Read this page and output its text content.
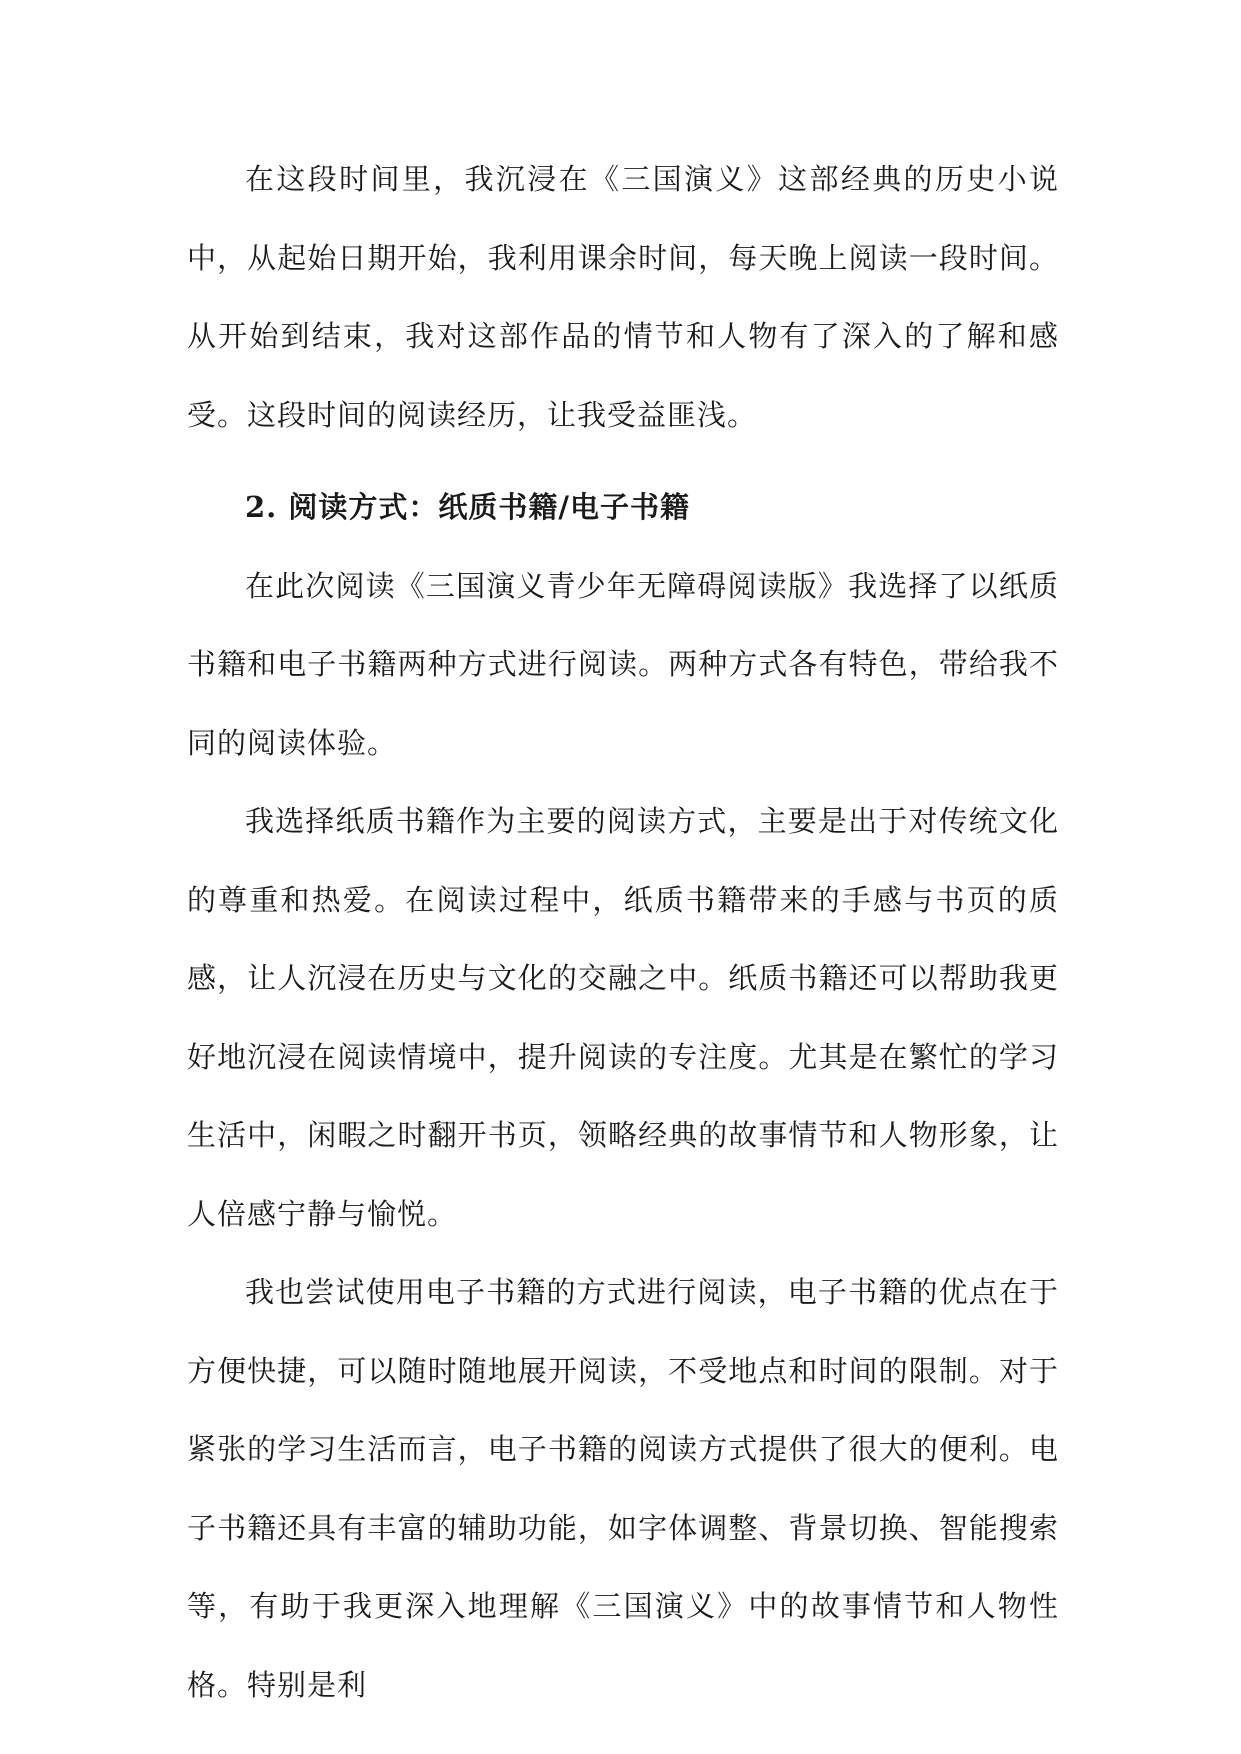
在这段时间里，我沉浸在《三国演义》这部经典的历史小说中，从起始日期开始，我利用课余时间，每天晚上阅读一段时间。从开始到结束，我对这部作品的情节和人物有了深入的了解和感受。这段时间的阅读经历，让我受益匪浅。

2. 阅读方式：纸质书籍/电子书籍

在此次阅读《三国演义青少年无障碍阅读版》我选择了以纸质书籍和电子书籍两种方式进行阅读。两种方式各有特色，带给我不同的阅读体验。

我选择纸质书籍作为主要的阅读方式，主要是出于对传统文化的尊重和热爱。在阅读过程中，纸质书籍带来的手感与书页的质感，让人沉浸在历史与文化的交融之中。纸质书籍还可以帮助我更好地沉浸在阅读情境中，提升阅读的专注度。尤其是在繁忙的学习生活中，闲暇之时翻开书页，领略经典的故事情节和人物形象，让人倍感宁静与愉悦。

我也尝试使用电子书籍的方式进行阅读，电子书籍的优点在于方便快捷，可以随时随地展开阅读，不受地点和时间的限制。对于紧张的学习生活而言，电子书籍的阅读方式提供了很大的便利。电子书籍还具有丰富的辅助功能，如字体调整、背景切换、智能搜索等，有助于我更深入地理解《三国演义》中的故事情节和人物性格。特别是利
